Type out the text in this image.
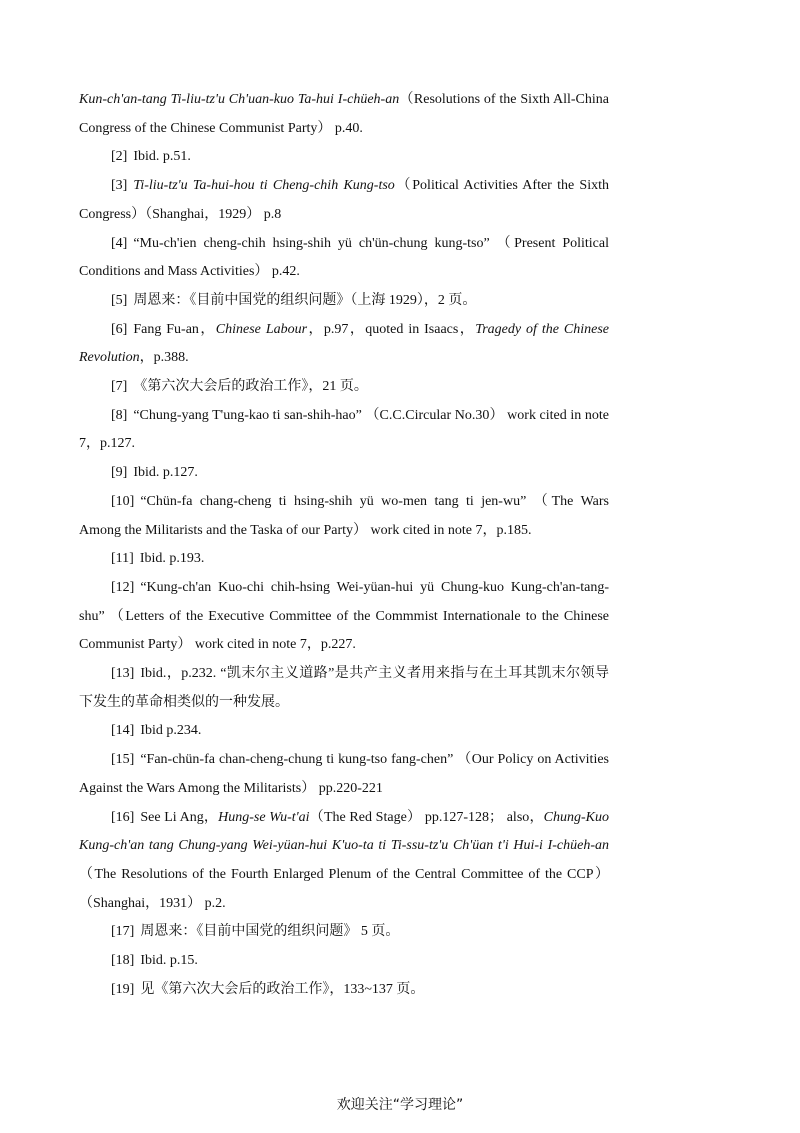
Kun-ch'an-tang Ti-liu-tz'u Ch'uan-kuo Ta-hui I-chüeh-an（Resolutions of the Sixth All-China Congress of the Chinese Communist Party） p.40.
[2] Ibid. p.51.
[3] Ti-liu-tz'u Ta-hui-hou ti Cheng-chih Kung-tso（Political Activities After the Sixth Congress）（Shanghai，1929） p.8
[4] “Mu-ch'ien cheng-chih hsing-shih yü ch'ün-chung kung-tso” （Present Political Conditions and Mass Activities） p.42.
[5] 周恩来：《目前中国党的组织问题》（上海 1929），2 页。
[6] Fang Fu-an，Chinese Labour，p.97，quoted in Isaacs，Tragedy of the Chinese Revolution，p.388.
[7] 《第六次大会后的政治工作》，21 页。
[8] “Chung-yang T'ung-kao ti san-shih-hao” （C.C.Circular No.30） work cited in note 7，p.127.
[9] Ibid. p.127.
[10] “Chün-fa chang-cheng ti hsing-shih yü wo-men tang ti jen-wu” （The Wars Among the Militarists and the Taska of our Party） work cited in note 7，p.185.
[11] Ibid. p.193.
[12] “Kung-ch'an Kuo-chi chih-hsing Wei-yüan-hui yü Chung-kuo Kung-ch'an-tang-shu” （Letters of the Executive Committee of the Commmist Internationale to the Chinese Communist Party） work cited in note 7，p.227.
[13] Ibid.，p.232. “凯末尔主义道路”是共产主义者用来指与在土耳其凯末尔领导下发生的革命相类似的一种发展。
[14] Ibid p.234.
[15] “Fan-chün-fa chan-cheng-chung ti kung-tso fang-chen” （Our Policy on Activities Against the Wars Among the Militarists） pp.220-221
[16] See Li Ang，Hung-se Wu-t'ai（The Red Stage） pp.127-128； also，Chung-Kuo Kung-ch'an tang Chung-yang Wei-yüan-hui K'uo-ta ti Ti-ssu-tz'u Ch'üan t'i Hui-i I-chüeh-an（The Resolutions of the Fourth Enlarged Plenum of the Central Committee of the CCP）（Shanghai，1931） p.2.
[17] 周恩来：《目前中国党的组织问题》 5 页。
[18] Ibid. p.15.
[19] 见《第六次大会后的政治工作》，133~137 页。
欢迎关注“学习理论”
